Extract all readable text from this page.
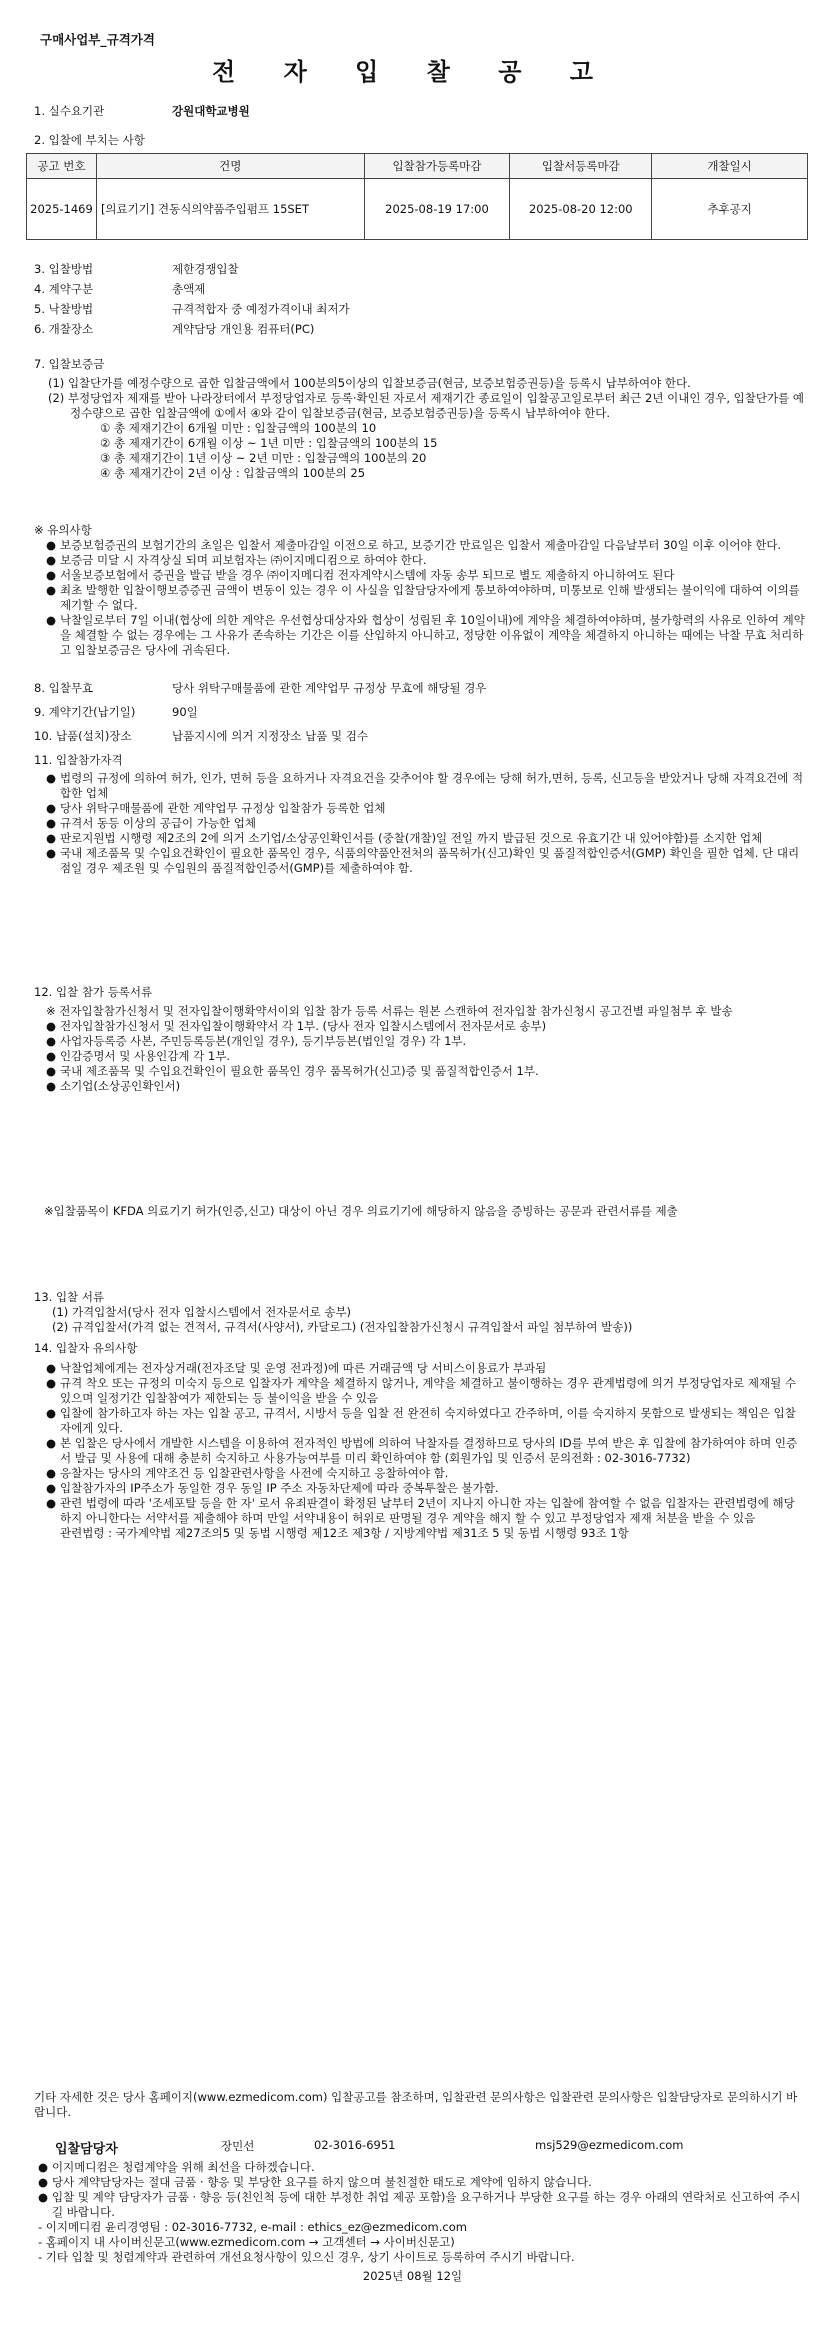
구매사업부_규격가격
전 자 입 찰 공 고
1. 실수요기관	강원대학교병원
2. 입찰에 부치는 사항
공고 번호	건명	입찰참가등록마감	입찰서등록마감	개찰일시
2025-1469	[의료기기] 견동식의약품주입펌프 15SET	2025-08-19 17:00	2025-08-20 12:00	추후공지
3. 입찰방법	제한경쟁입찰
4. 계약구분	총액제
5. 낙찰방법	규격적합자 중 예정가격이내 최저가
6. 개찰장소	계약담당 개인용 컴퓨터(PC)
7. 입찰보증금
(1) 입찰단가를 예정수량으로 곱한 입찰금액에서 100분의5이상의 입찰보증금(현금, 보증보험증권등)을 등록시 납부하여야 한다.
(2) 부정당업자 제재를 받아 나라장터에서 부정당업자로 등록·확인된 자로서 제재기간 종료일이 입찰공고일로부터 최근 2년 이내인 경우, 입찰단가를 예정수량으로 곱한 입찰금액에 ①에서 ④와 같이 입찰보증금(현금, 보증보험증권등)을 등록시 납부하여야 한다.
① 총 제재기간이 6개월 미만 : 입찰금액의 100분의 10
② 총 제재기간이 6개월 이상 ~ 1년 미만 : 입찰금액의 100분의 15
③ 총 제재기간이 1년 이상 ~ 2년 미만 : 입찰금액의 100분의 20
④ 총 제재기간이 2년 이상 : 입찰금액의 100분의 25
※ 유의사항
● 보증보험증권의 보험기간의 초일은 입찰서 제출마감일 이전으로 하고, 보증기간 만료일은 입찰서 제출마감일 다음날부터 30일 이후 이어야 한다.
● 보증금 미달 시 자격상실 되며 피보험자는 ㈜이지메디컴으로 하여야 한다.
● 서울보증보험에서 증권을 발급 받을 경우 ㈜이지메디컴 전자계약시스템에 자동 송부 되므로 별도 제출하지 아니하여도 된다
● 최초 발행한 입찰이행보증증권 금액이 변동이 있는 경우 이 사실을 입찰담당자에게 통보하여야하며, 미통보로 인해 발생되는 불이익에 대하여 이의를 제기할 수 없다.
● 낙찰일로부터 7일 이내(협상에 의한 계약은 우선협상대상자와 협상이 성립된 후 10일이내)에 계약을 체결하여야하며, 불가항력의 사유로 인하여 계약을 체결할 수 없는 경우에는 그 사유가 존속하는 기간은 이를 산입하지 아니하고, 정당한 이유없이 계약을 체결하지 아니하는 때에는 낙찰 무효 처리하고 입찰보증금은 당사에 귀속된다.
8. 입찰무효	당사 위탁구매물품에 관한 계약업무 규정상 무효에 해당될 경우
9. 계약기간(납기일)	90일
10. 납품(설치)장소	납품지시에 의거 지정장소 납품 및 검수
11. 입찰참가자격
● 법령의 규정에 의하여 허가, 인가, 면허 등을 요하거나 자격요건을 갖추어야 할 경우에는 당해 허가,면허, 등록, 신고등을 받았거나 당해 자격요건에 적합한 업체
● 당사 위탁구매물품에 관한 계약업무 규정상 입찰참가 등록한 업체
● 규격서 동등 이상의 공급이 가능한 업체
● 판로지원법 시행령 제2조의 2에 의거 소기업/소상공인확인서를 (중찰(개찰)일 전일 까지 발급된 것으로 유효기간 내 있어야함)를 소지한 업체
● 국내 제조품목 및 수입요건확인이 필요한 품목인 경우, 식품의약품안전처의 품목허가(신고)확인 및 품질적합인증서(GMP) 확인을 필한 업체. 단 대리점일 경우 제조원 및 수입원의 품질적합인증서(GMP)를 제출하여야 함.
12. 입찰 참가 등록서류
※ 전자입찰참가신청서 및 전자입찰이행확약서이외 입찰 참가 등록 서류는 원본 스캔하여 전자입찰 참가신청시 공고건별 파일첨부 후 발송
● 전자입찰참가신청서 및 전자입찰이행확약서 각 1부. (당사 전자 입찰시스템에서 전자문서로 송부)
● 사업자등록증 사본, 주민등록등본(개인일 경우), 등기부등본(법인일 경우) 각 1부.
● 인감증명서 및 사용인감계 각 1부.
● 국내 제조품목 및 수입요건확인이 필요한 품목인 경우 품목허가(신고)증 및 품질적합인증서 1부.
● 소기업(소상공인확인서)
※입찰품목이 KFDA 의료기기 허가(인증,신고) 대상이 아닌 경우 의료기기에 해당하지 않음을 증빙하는 공문과 관련서류를 제출
13. 입찰 서류
(1) 가격입찰서(당사 전자 입찰시스템에서 전자문서로 송부)
(2) 규격입찰서(가격 없는 견적서, 규격서(사양서), 카달로그) (전자입찰참가신청시 규격입찰서 파일 첨부하여 발송))
14. 입찰자 유의사항
● 낙찰업체에게는 전자상거래(전자조달 및 운영 전과정)에 따른 거래금액 당 서비스이용료가 부과됨
● 규격 착오 또는 규정의 미숙지 등으로 입찰자가 계약을 체결하지 않거나, 계약을 체결하고 불이행하는 경우 관계법령에 의거 부정당업자로 제재될 수 있으며 일정기간 입찰참여가 제한되는 등 불이익을 받을 수 있음
● 입찰에 참가하고자 하는 자는 입찰 공고, 규격서, 시방서 등을 입찰 전 완전히 숙지하였다고 간주하며, 이를 숙지하지 못함으로 발생되는 책임은 입찰자에게 있다.
● 본 입찰은 당사에서 개발한 시스템을 이용하여 전자적인 방법에 의하여 낙찰자를 결정하므로 당사의 ID를 부여 받은 후 입찰에 참가하여야 하며 인증서 발급 및 사용에 대해 충분히 숙지하고 사용가능여부를 미리 확인하여야 함 (회원가입 및 인증서 문의전화 : 02-3016-7732)
● 응찰자는 당사의 계약조건 등 입찰관련사항을 사전에 숙지하고 응찰하여야 함.
● 입찰참가자의 IP주소가 동일한 경우 동일 IP 주소 자동차단제에 따라 중복투찰은 불가함.
● 관련 법령에 따라 '조세포탈 등을 한 자' 로서 유죄판결이 확정된 날부터 2년이 지나지 아니한 자는 입찰에 참여할 수 없음 입찰자는 관련법령에 해당하지 아니한다는 서약서를 제출해야 하며 만일 서약내용이 허위로 판명될 경우 계약을 해지 할 수 있고 부정당업자 제재 처분을 받을 수 있음
관련법령 : 국가계약법 제27조의5 및 동법 시행령 제12조 제3항 / 지방계약법 제31조 5 및 동법 시행령 93조 1항
기타 자세한 것은 당사 홈페이지(www.ezmedicom.com) 입찰공고를 참조하며, 입찰관련 문의사항은 입찰관련 문의사항은 입찰담당자로 문의하시기 바랍니다.
입찰담당자	장민선	02-3016-6951	msj529@ezmedicom.com
● 이지메디컴은 청렴계약을 위해 최선을 다하겠습니다.
● 당사 계약담당자는 절대 금품 · 향응 및 부당한 요구를 하지 않으며 불친절한 태도로 계약에 임하지 않습니다.
● 입찰 및 계약 담당자가 금품 · 향응 등(친인척 등에 대한 부정한 취업 제공 포함)을 요구하거나 부당한 요구를 하는 경우 아래의 연락처로 신고하여 주시길 바랍니다.
- 이지메디컴 윤리경영팀 : 02-3016-7732, e-mail : ethics_ez@ezmedicom.com
- 홈페이지 내 사이버신문고(www.ezmedicom.com → 고객센터 → 사이버신문고)
- 기타 입찰 및 청렴계약과 관련하여 개선요청사항이 있으신 경우, 상기 사이트로 등록하여 주시기 바랍니다.
2025년 08월 12일
